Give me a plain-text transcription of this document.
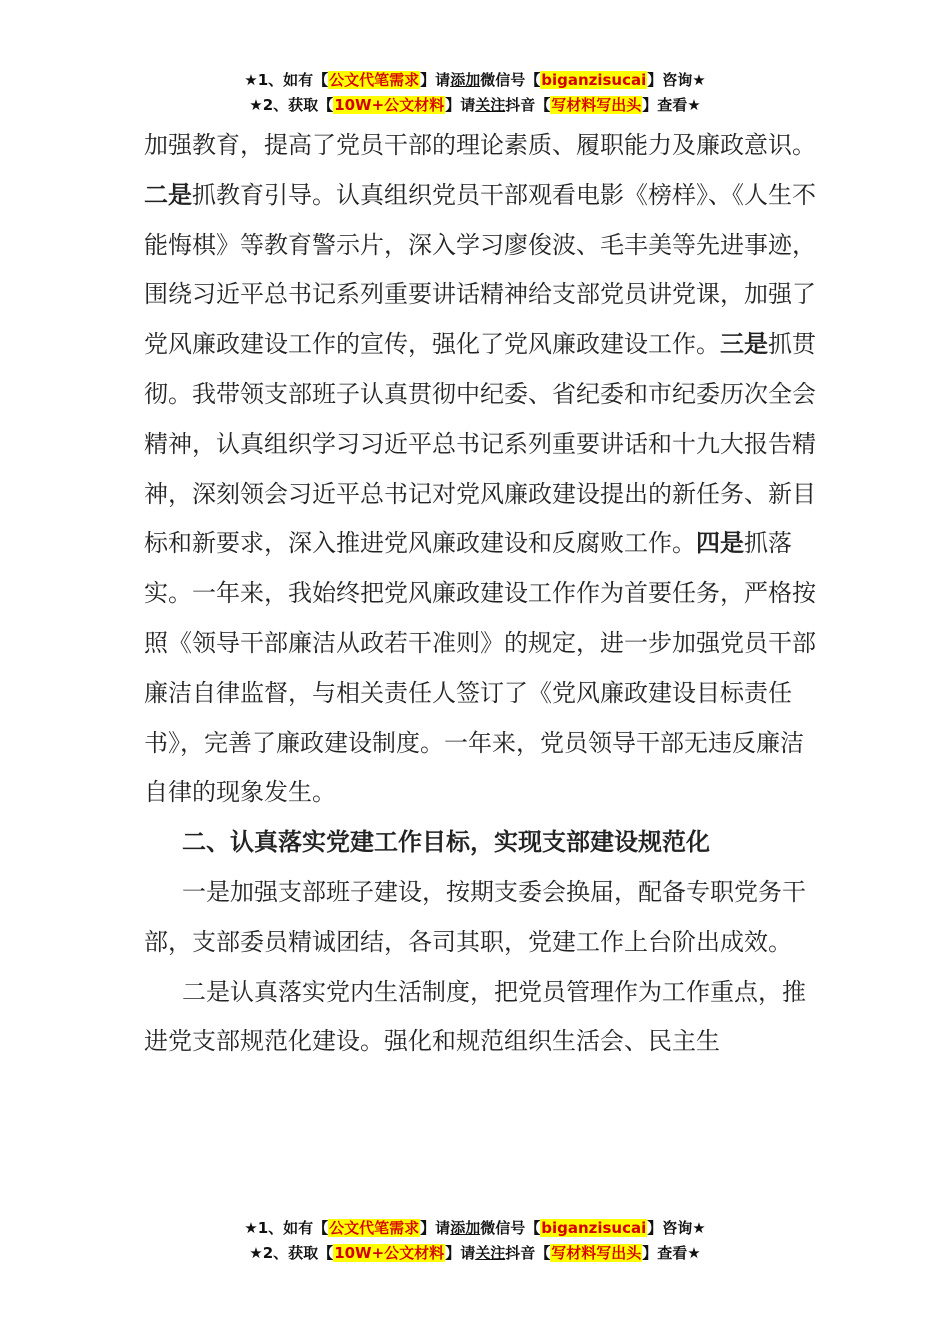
★1、如有【公文代笔需求】请添加微信号【biganzisucai】咨询★
★2、获取【10W+公文材料】请关注抖音【写材料写出头】查看★

加强教育，提高了党员干部的理论素质、履职能力及廉政意识。二是抓教育引导。认真组织党员干部观看电影《榜样》、《人生不能悔棋》等教育警示片，深入学习廖俊波、毛丰美等先进事迹，围绕习近平总书记系列重要讲话精神给支部党员讲党课，加强了党风廉政建设工作的宣传，强化了党风廉政建设工作。三是抓贯彻。我带领支部班子认真贯彻中纪委、省纪委和市纪委历次全会精神，认真组织学习习近平总书记系列重要讲话和十九大报告精神，深刻领会习近平总书记对党风廉政建设提出的新任务、新目标和新要求，深入推进党风廉政建设和反腐败工作。四是抓落实。一年来，我始终把党风廉政建设工作作为首要任务，严格按照《领导干部廉洁从政若干准则》的规定，进一步加强党员干部廉洁自律监督，与相关责任人签订了《党风廉政建设目标责任书》，完善了廉政建设制度。一年来，党员领导干部无违反廉洁自律的现象发生。

二、认真落实党建工作目标，实现支部建设规范化

一是加强支部班子建设，按期支委会换届，配备专职党务干部，支部委员精诚团结，各司其职，党建工作上台阶出成效。

二是认真落实党内生活制度，把党员管理作为工作重点，推进党支部规范化建设。强化和规范组织生活会、民主生

★1、如有【公文代笔需求】请添加微信号【biganzisucai】咨询★
★2、获取【10W+公文材料】请关注抖音【写材料写出头】查看★
